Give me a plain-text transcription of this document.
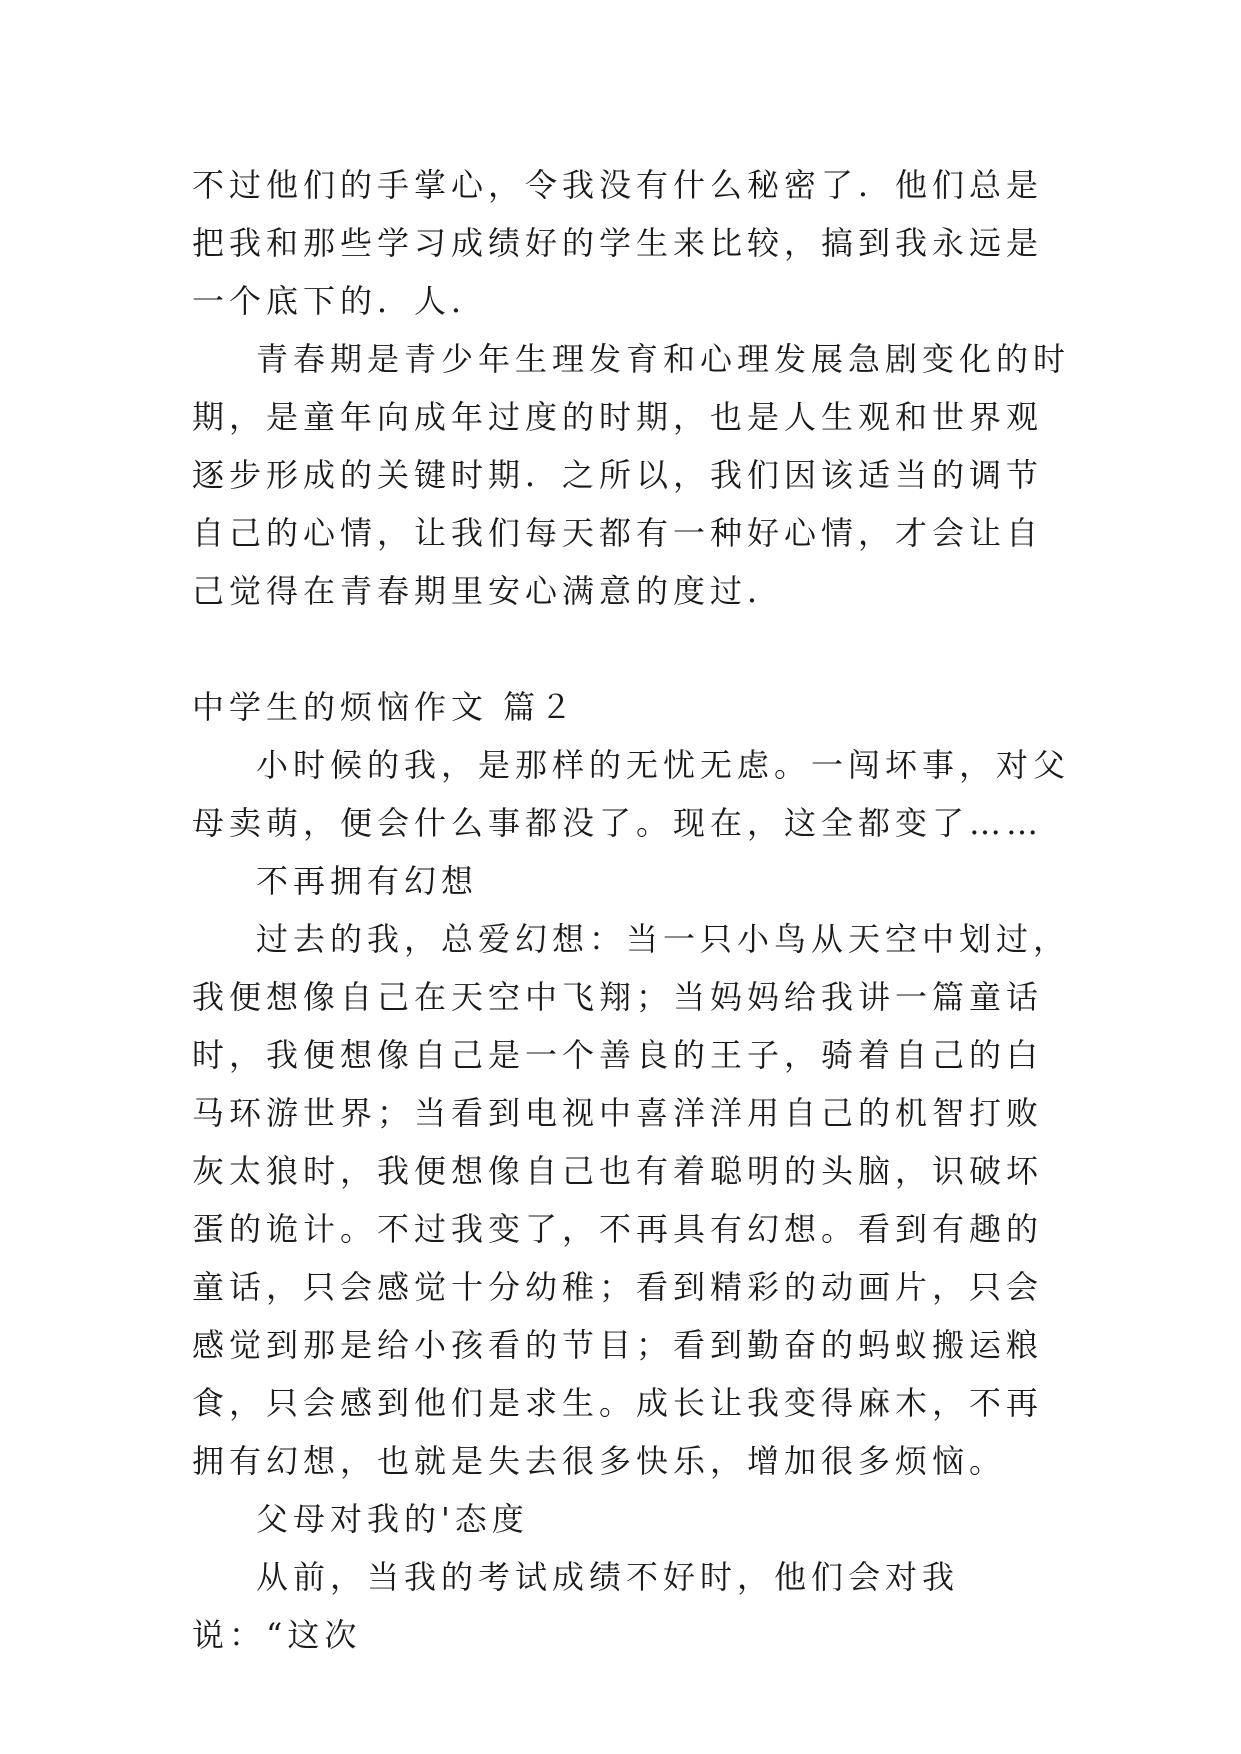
不过他们的手掌心，令我没有什么秘密了．他们总是把我和那些学习成绩好的学生来比较，搞到我永远是一个底下的．人．

青春期是青少年生理发育和心理发展急剧变化的时期，是童年向成年过度的时期，也是人生观和世界观逐步形成的关键时期．之所以，我们因该适当的调节自己的心情，让我们每天都有一种好心情，才会让自己觉得在青春期里安心满意的度过．

中学生的烦恼作文 篇２

小时候的我，是那样的无忧无虑。一闯坏事，对父母卖萌，便会什么事都没了。现在，这全都变了……

不再拥有幻想

过去的我，总爱幻想：当一只小鸟从天空中划过，我便想像自己在天空中飞翔；当妈妈给我讲一篇童话时，我便想像自己是一个善良的王子，骑着自己的白马环游世界；当看到电视中喜洋洋用自己的机智打败灰太狼时，我便想像自己也有着聪明的头脑，识破坏蛋的诡计。不过我变了，不再具有幻想。看到有趣的童话，只会感觉十分幼稚；看到精彩的动画片，只会感觉到那是给小孩看的节目；看到勤奋的蚂蚁搬运粮食，只会感到他们是求生。成长让我变得麻木，不再拥有幻想，也就是失去很多快乐，增加很多烦恼。

父母对我的'态度

从前，当我的考试成绩不好时，他们会对我说：“这次
